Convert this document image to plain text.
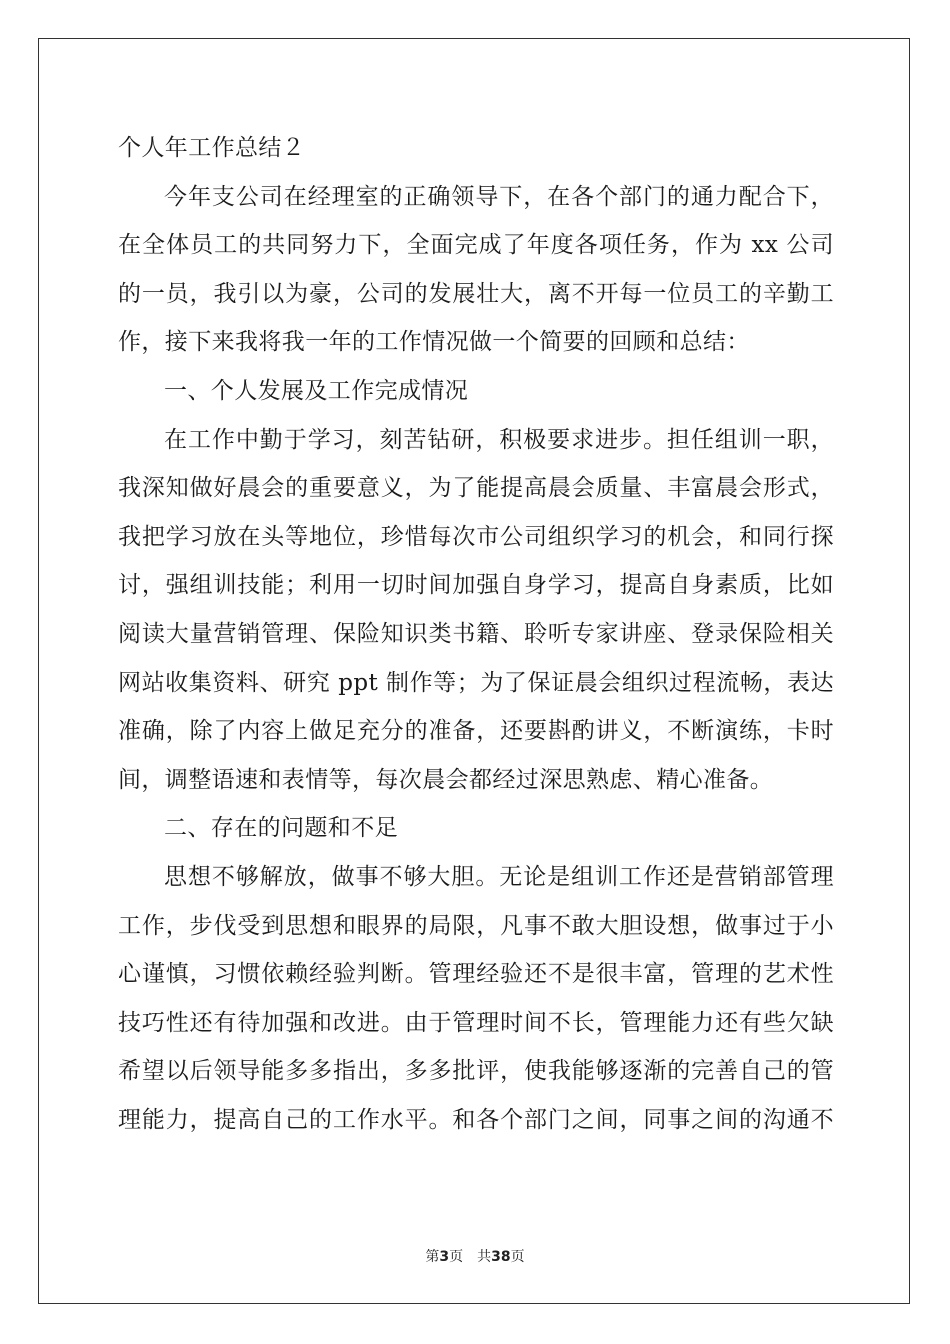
个人年工作总结２
今年支公司在经理室的正确领导下，在各个部门的通力配合下，
在全体员工的共同努力下，全面完成了年度各项任务，作为 xx 公司
的一员，我引以为豪，公司的发展壮大，离不开每一位员工的辛勤工
作，接下来我将我一年的工作情况做一个简要的回顾和总结：
一、个人发展及工作完成情况
在工作中勤于学习，刻苦钻研，积极要求进步。担任组训一职，
我深知做好晨会的重要意义，为了能提高晨会质量、丰富晨会形式，
我把学习放在头等地位，珍惜每次市公司组织学习的机会，和同行探
讨，强组训技能；利用一切时间加强自身学习，提高自身素质，比如
阅读大量营销管理、保险知识类书籍、聆听专家讲座、登录保险相关
网站收集资料、研究 ppt 制作等；为了保证晨会组织过程流畅，表达
准确，除了内容上做足充分的准备，还要斟酌讲义，不断演练，卡时
间，调整语速和表情等，每次晨会都经过深思熟虑、精心准备。
二、存在的问题和不足
思想不够解放，做事不够大胆。无论是组训工作还是营销部管理
工作，步伐受到思想和眼界的局限，凡事不敢大胆设想，做事过于小
心谨慎，习惯依赖经验判断。管理经验还不是很丰富，管理的艺术性
技巧性还有待加强和改进。由于管理时间不长，管理能力还有些欠缺
希望以后领导能多多指出，多多批评，使我能够逐渐的完善自己的管
理能力，提高自己的工作水平。和各个部门之间，同事之间的沟通不
第3页 共38页
